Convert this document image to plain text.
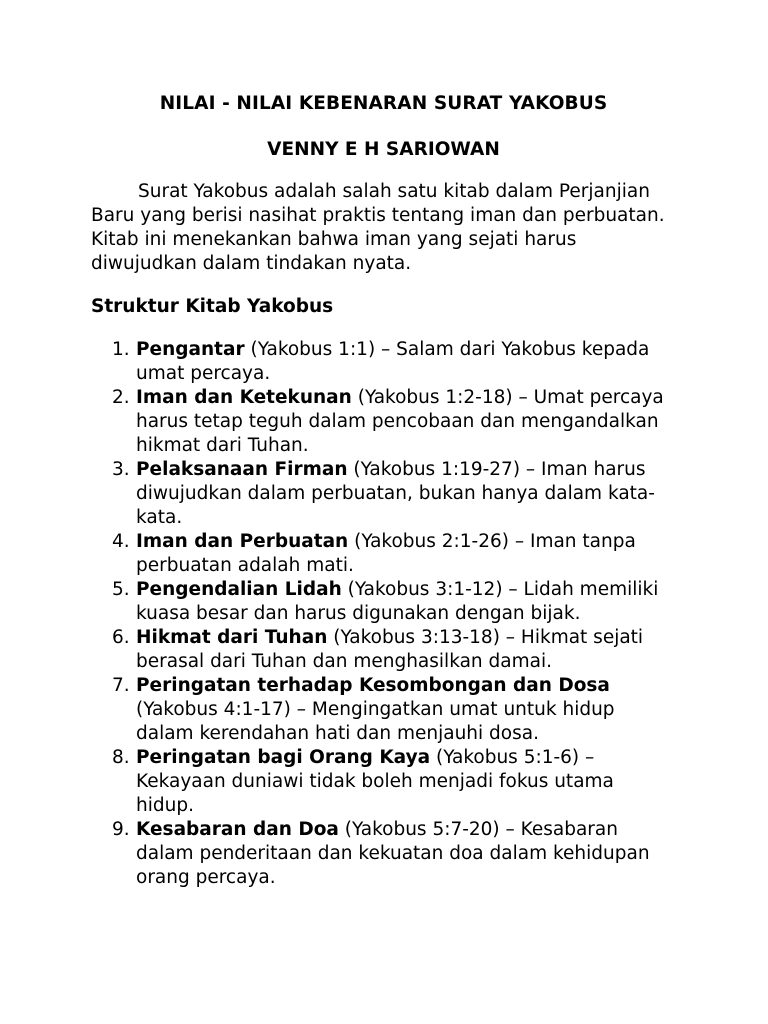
NILAI - NILAI KEBENARAN SURAT YAKOBUS
VENNY E H SARIOWAN

Surat Yakobus adalah salah satu kitab dalam Perjanjian Baru yang berisi nasihat praktis tentang iman dan perbuatan. Kitab ini menekankan bahwa iman yang sejati harus diwujudkan dalam tindakan nyata.

Struktur Kitab Yakobus
1. Pengantar (Yakobus 1:1) – Salam dari Yakobus kepada umat percaya.
2. Iman dan Ketekunan (Yakobus 1:2-18) – Umat percaya harus tetap teguh dalam pencobaan dan mengandalkan hikmat dari Tuhan.
3. Pelaksanaan Firman (Yakobus 1:19-27) – Iman harus diwujudkan dalam perbuatan, bukan hanya dalam kata-kata.
4. Iman dan Perbuatan (Yakobus 2:1-26) – Iman tanpa perbuatan adalah mati.
5. Pengendalian Lidah (Yakobus 3:1-12) – Lidah memiliki kuasa besar dan harus digunakan dengan bijak.
6. Hikmat dari Tuhan (Yakobus 3:13-18) – Hikmat sejati berasal dari Tuhan dan menghasilkan damai.
7. Peringatan terhadap Kesombongan dan Dosa (Yakobus 4:1-17) – Mengingatkan umat untuk hidup dalam kerendahan hati dan menjauhi dosa.
8. Peringatan bagi Orang Kaya (Yakobus 5:1-6) – Kekayaan duniawi tidak boleh menjadi fokus utama hidup.
9. Kesabaran dan Doa (Yakobus 5:7-20) – Kesabaran dalam penderitaan dan kekuatan doa dalam kehidupan orang percaya.
